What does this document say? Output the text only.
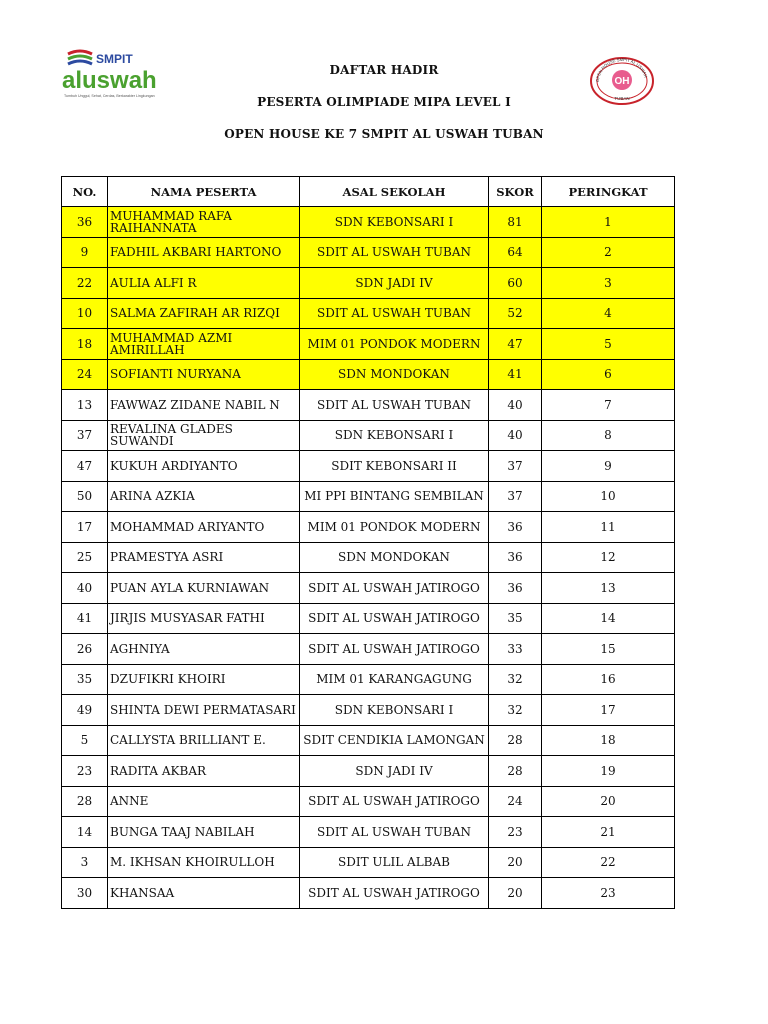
SMPIT
aluswah
Tumbuh Unggul, Sehat, Cerdas, Berkarakter Lingkungan
DAFTAR HADIR
PESERTA OLIMPIADE MIPA LEVEL I
OPEN HOUSE KE 7 SMPIT AL USWAH TUBAN
OPEN HOUSE SMPIT AL USWAH
OH
TUBAN
NO.	NAMA PESERTA	ASAL SEKOLAH	SKOR	PERINGKAT
36	MUHAMMAD RAFA RAIHANNATA	SDN KEBONSARI I	81	1
9	FADHIL AKBARI HARTONO	SDIT AL USWAH TUBAN	64	2
22	AULIA ALFI R	SDN JADI IV	60	3
10	SALMA ZAFIRAH AR RIZQI	SDIT AL USWAH TUBAN	52	4
18	MUHAMMAD AZMI AMIRILLAH	MIM 01 PONDOK MODERN	47	5
24	SOFIANTI NURYANA	SDN MONDOKAN	41	6
13	FAWWAZ ZIDANE NABIL N	SDIT AL USWAH TUBAN	40	7
37	REVALINA GLADES SUWANDI	SDN KEBONSARI I	40	8
47	KUKUH ARDIYANTO	SDIT KEBONSARI II	37	9
50	ARINA AZKIA	MI PPI BINTANG SEMBILAN	37	10
17	MOHAMMAD ARIYANTO	MIM 01 PONDOK MODERN	36	11
25	PRAMESTYA ASRI	SDN MONDOKAN	36	12
40	PUAN AYLA KURNIAWAN	SDIT AL USWAH JATIROGO	36	13
41	JIRJIS MUSYASAR FATHI	SDIT AL USWAH JATIROGO	35	14
26	AGHNIYA	SDIT AL USWAH JATIROGO	33	15
35	DZUFIKRI KHOIRI	MIM 01 KARANGAGUNG	32	16
49	SHINTA DEWI PERMATASARI	SDN KEBONSARI I	32	17
5	CALLYSTA BRILLIANT E.	SDIT CENDIKIA LAMONGAN	28	18
23	RADITA AKBAR	SDN JADI IV	28	19
28	ANNE	SDIT AL USWAH JATIROGO	24	20
14	BUNGA TAAJ NABILAH	SDIT AL USWAH TUBAN	23	21
3	M. IKHSAN KHOIRULLOH	SDIT ULIL ALBAB	20	22
30	KHANSAA	SDIT AL USWAH JATIROGO	20	23
